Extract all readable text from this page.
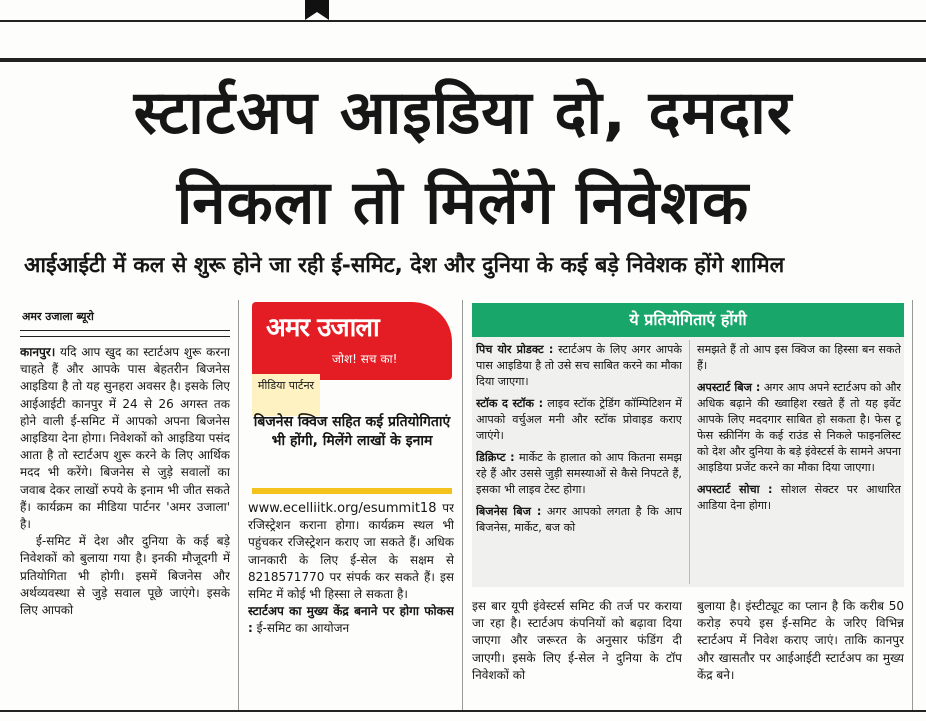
स्टार्टअप आइडिया दो, दमदार
निकला तो मिलेंगे निवेशक
आईआईटी में कल से शुरू होने जा रही ई-समिट, देश और दुनिया के कई बड़े निवेशक होंगे शामिल
अमर उजाला ब्यूरो

कानपुर। यदि आप खुद का स्टार्टअप शुरू करना चाहते हैं और आपके पास बेहतरीन बिजनेस आइडिया है तो यह सुनहरा अवसर है। इसके लिए आईआईटी कानपुर में 24 से 26 अगस्त तक होने वाली ई-समिट में आपको अपना बिजनेस आइडिया देना होगा। निवेशकों को आइडिया पसंद आता है तो स्टार्टअप शुरू करने के लिए आर्थिक मदद भी करेंगे। बिजनेस से जुड़े सवालों का जवाब देकर लाखों रुपये के इनाम भी जीत सकते हैं। कार्यक्रम का मीडिया पार्टनर 'अमर उजाला' है।

ई-समिट में देश और दुनिया के कई बड़े निवेशकों को बुलाया गया है। इनकी मौजूदगी में प्रतियोगिता भी होगी। इसमें बिजनेस और अर्थव्यवस्था से जुड़े सवाल पूछे जाएंगे। इसके लिए आपको

अमर उजाला
जोश! सच का!
मीडिया पार्टनर
बिजनेस क्विज सहित कई प्रतियोगिताएं भी होंगी, मिलेंगे लाखों के इनाम

www.ecelliitk.org/esummit18 पर रजिस्ट्रेशन कराना होगा। कार्यक्रम स्थल भी पहुंचकर रजिस्ट्रेशन कराए जा सकते हैं। अधिक जानकारी के लिए ई-सेल के सक्षम से 8218571770 पर संपर्क कर सकते हैं। इस समिट में कोई भी हिस्सा ले सकता है।

स्टार्टअप का मुख्य केंद्र बनाने पर होगा फोकस : ई-समिट का आयोजन

ये प्रतियोगिताएं होंगी

पिच योर प्रोडक्ट : स्टार्टअप के लिए अगर आपके पास आइडिया है तो उसे सच साबित करने का मौका दिया जाएगा।

स्टॉक द स्टॉक : लाइव स्टॉक ट्रेडिंग कॉम्पिटिशन में आपको वर्चुअल मनी और स्टॉक प्रोवाइड कराए जाएंगे।

डिक्रिप्ट : मार्केट के हालात को आप कितना समझ रहे हैं और उससे जुड़ी समस्याओं से कैसे निपटते हैं, इसका भी लाइव टेस्ट होगा।

बिजनेस बिज : अगर आपको लगता है कि आप बिजनेस, मार्केट, बज को

समझते हैं तो आप इस क्विज का हिस्सा बन सकते हैं।

अपस्टार्ट बिज : अगर आप अपने स्टार्टअप को और अधिक बढ़ाने की ख्वाहिश रखते हैं तो यह इवेंट आपके लिए मददगार साबित हो सकता है। फेस टू फेस स्क्रीनिंग के कई राउंड से निकले फाइनलिस्ट को देश और दुनिया के बड़े इंवेस्टर्स के सामने अपना आइडिया प्रजेंट करने का मौका दिया जाएगा।

अपस्टार्ट सोचा : सोशल सेक्टर पर आधारित आडिया देना होगा।

इस बार यूपी इंवेस्टर्स समिट की तर्ज पर कराया जा रहा है। स्टार्टअप कंपनियों को बढ़ावा दिया जाएगा और जरूरत के अनुसार फंडिंग दी जाएगी। इसके लिए ई-सेल ने दुनिया के टॉप निवेशकों को
बुलाया है। इंस्टीट्यूट का प्लान है कि करीब 50 करोड़ रुपये इस ई-समिट के जरिए विभिन्न स्टार्टअप में निवेश कराए जाएं। ताकि कानपुर और खासतौर पर आईआईटी स्टार्टअप का मुख्य केंद्र बने।
